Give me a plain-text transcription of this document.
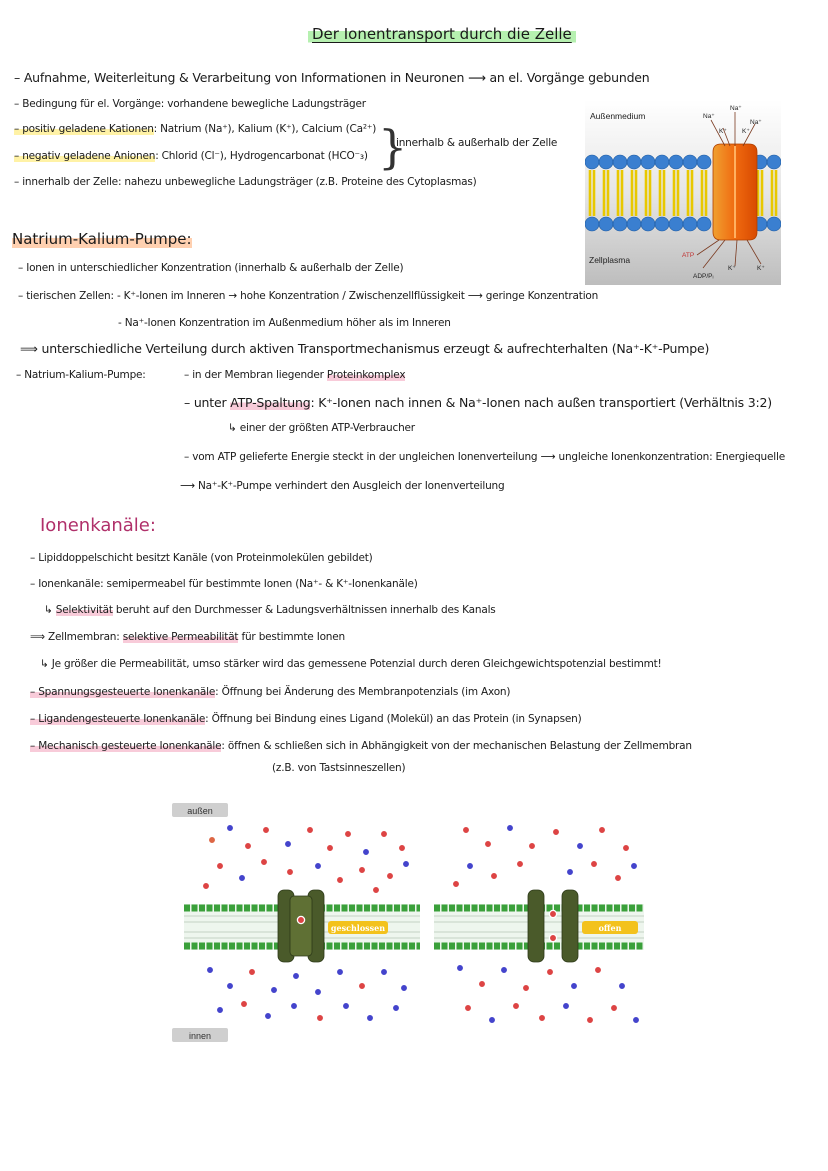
Der Ionentransport durch die Zelle
– Aufnahme, Weiterleitung & Verarbeitung von Informationen in Neuronen ⟶ an el. Vorgänge gebunden
– Bedingung für el. Vorgänge: vorhandene bewegliche Ladungsträger
– positiv geladene Kationen: Natrium (Na⁺), Kalium (K⁺), Calcium (Ca²⁺)
– negativ geladene Anionen: Chlorid (Cl⁻), Hydrogencarbonat (HCO⁻₃) }
innerhalb & außerhalb der Zelle
– innerhalb der Zelle: nahezu unbewegliche Ladungsträger (z.B. Proteine des Cytoplasmas)
Außenmedium
Zellplasma
Na⁺
Na⁺
Na⁺
K⁺ K⁺
ATP
ADP/Pᵢ
K⁺	K⁺
Natrium-Kalium-Pumpe:
– Ionen in unterschiedlicher Konzentration (innerhalb & außerhalb der Zelle)
– tierischen Zellen: - K⁺-Ionen im Inneren → hohe Konzentration / Zwischenzellflüssigkeit ⟶ geringe Konzentration
- Na⁺-Ionen Konzentration im Außenmedium höher als im Inneren
⟹ unterschiedliche Verteilung durch aktiven Transportmechanismus erzeugt & aufrechterhalten (Na⁺-K⁺-Pumpe)
– Natrium-Kalium-Pumpe:	– in der Membran liegender Proteinkomplex
– unter ATP-Spaltung: K⁺-Ionen nach innen & Na⁺-Ionen nach außen transportiert (Verhältnis 3:2)
↳ einer der größten ATP-Verbraucher
– vom ATP gelieferte Energie steckt in der ungleichen Ionenverteilung ⟶ ungleiche Ionenkonzentration: Energiequelle
⟶ Na⁺-K⁺-Pumpe verhindert den Ausgleich der Ionenverteilung
Ionenkanäle:
– Lipiddoppelschicht besitzt Kanäle (von Proteinmolekülen gebildet)
– Ionenkanäle: semipermeabel für bestimmte Ionen (Na⁺- & K⁺-Ionenkanäle)
↳ Selektivität beruht auf den Durchmesser & Ladungsverhältnissen innerhalb des Kanals
⟹ Zellmembran: selektive Permeabilität für bestimmte Ionen
↳ Je größer die Permeabilität, umso stärker wird das gemessene Potenzial durch deren Gleichgewichtspotenzial bestimmt!
– Spannungsgesteuerte Ionenkanäle: Öffnung bei Änderung des Membranpotenzials (im Axon)
– Ligandengesteuerte Ionenkanäle: Öffnung bei Bindung eines Ligand (Molekül) an das Protein (in Synapsen)
– Mechanisch gesteuerte Ionenkanäle: öffnen & schließen sich in Abhängigkeit von der mechanischen Belastung der Zellmembran
(z.B. von Tastsinneszellen)
außen
innen
geschlossen	offen
